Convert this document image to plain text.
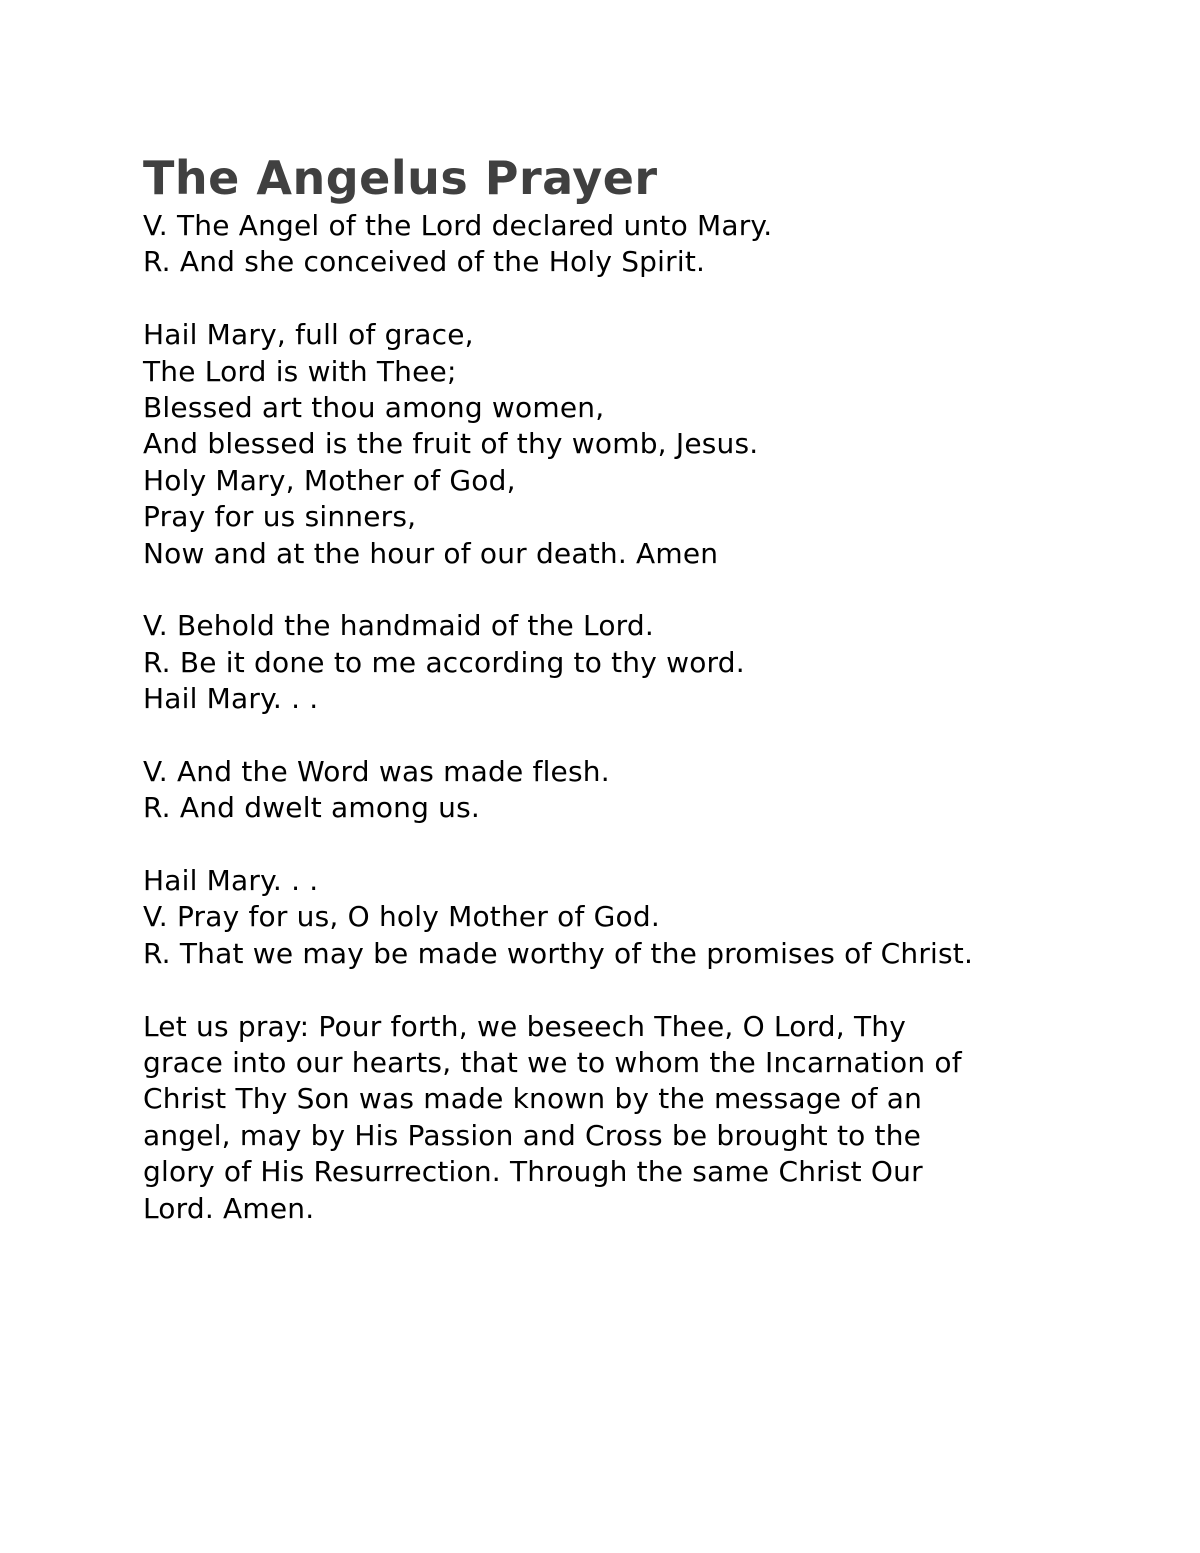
The Angelus Prayer
V. The Angel of the Lord declared unto Mary.
R. And she conceived of the Holy Spirit.
Hail Mary, full of grace,
The Lord is with Thee;
Blessed art thou among women,
And blessed is the fruit of thy womb, Jesus.
Holy Mary, Mother of God,
Pray for us sinners,
Now and at the hour of our death. Amen
V. Behold the handmaid of the Lord.
R. Be it done to me according to thy word.
Hail Mary. . .
V. And the Word was made flesh.
R. And dwelt among us.
Hail Mary. . .
V. Pray for us, O holy Mother of God.
R. That we may be made worthy of the promises of Christ.
Let us pray: Pour forth, we beseech Thee, O Lord, Thy
grace into our hearts, that we to whom the Incarnation of
Christ Thy Son was made known by the message of an
angel, may by His Passion and Cross be brought to the
glory of His Resurrection. Through the same Christ Our
Lord. Amen.
